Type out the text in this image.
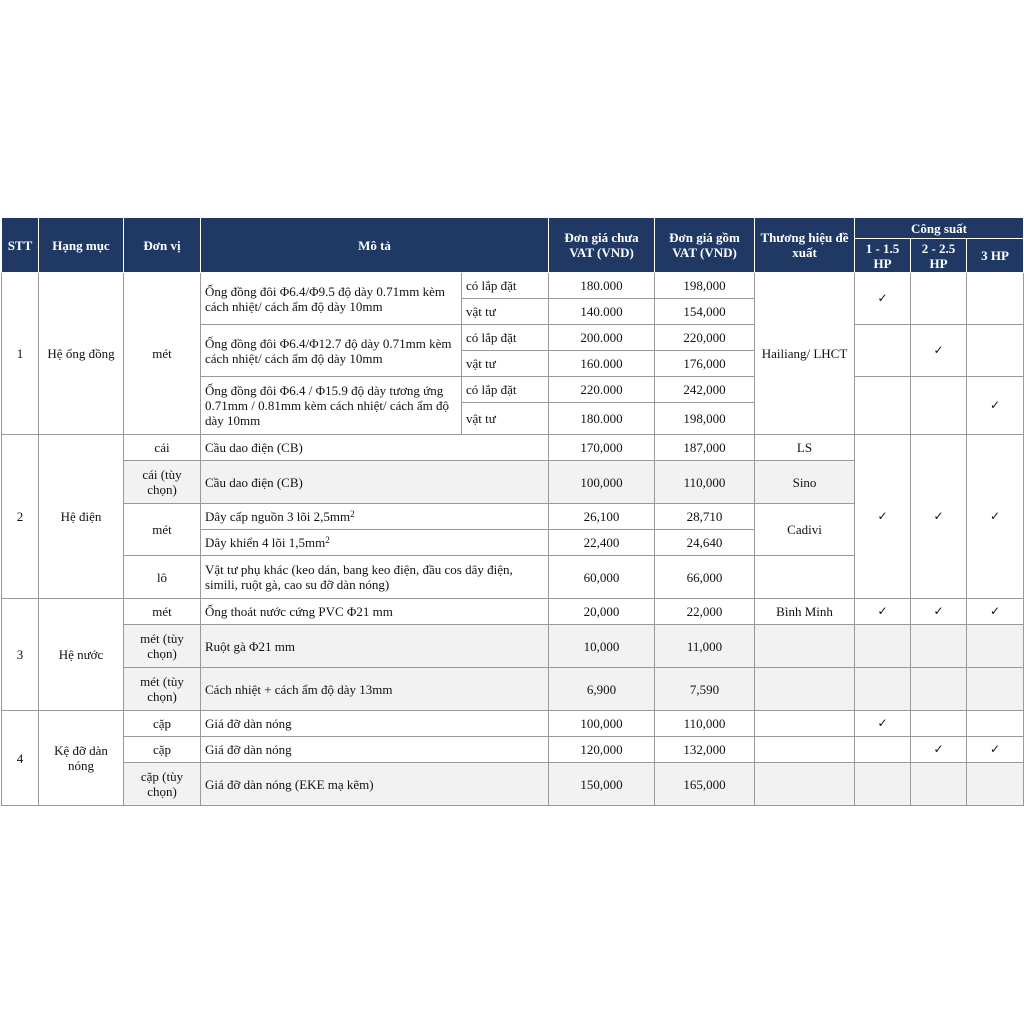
STT	Hạng mục	Đơn vị	Mô tả		Đơn giá chưa VAT (VND)	Đơn giá gồm VAT (VND)	Thương hiệu đề xuất	Công suất		
								1 - 1.5 HP	2 - 2.5 HP	3 HP
1	Hệ ống đồng	mét	Ống đồng đôi Φ6.4/Φ9.5 độ dày 0.71mm kèm cách nhiệt/ cách ẩm độ dày 10mm	có lắp đặt	180.000	198,000	Hailiang/ LHCT	✓		
				vật tư	140.000	154,000				
			Ống đồng đôi Φ6.4/Φ12.7 độ dày 0.71mm kèm cách nhiệt/ cách ẩm độ dày 10mm	có lắp đặt	200.000	220,000			✓	
				vật tư	160.000	176,000				
			Ống đồng đôi Φ6.4 / Φ15.9 độ dày tương ứng 0.71mm / 0.81mm kèm cách nhiệt/ cách ẩm độ dày 10mm	có lắp đặt	220.000	242,000				✓
				vật tư	180.000	198,000				
2	Hệ điện	cái	Cầu dao điện (CB)		170,000	187,000	LS	✓	✓	✓
		cái (tùy chọn)	Cầu dao điện (CB)		100,000	110,000	Sino			
		mét	Dây cấp nguồn 3 lõi $2,5mm^2$		26,100	28,710	Cadivi			
			Dây khiển 4 lõi $1,5mm^2$		22,400	24,640				
		lô	Vật tư phụ khác (keo dán, bang keo điện, đầu cos dây điện, simili, ruột gà, cao su đỡ dàn nóng)		60,000	66,000				
3	Hệ nước	mét	Ống thoát nước cứng PVC Φ21 mm		20,000	22,000	Bình Minh	✓	✓	✓
		mét (tùy chọn)	Ruột gà Φ21 mm		10,000	11,000				
		mét (tùy chọn)	Cách nhiệt + cách ẩm độ dày 13mm		6,900	7,590				
4	Kệ đỡ dàn nóng	cặp	Giá đỡ dàn nóng		100,000	110,000		✓		
		cặp	Giá đỡ dàn nóng		120,000	132,000			✓	✓
		cặp (tùy chọn)	Giá đỡ dàn nóng (EKE mạ kẽm)		150,000	165,000				
